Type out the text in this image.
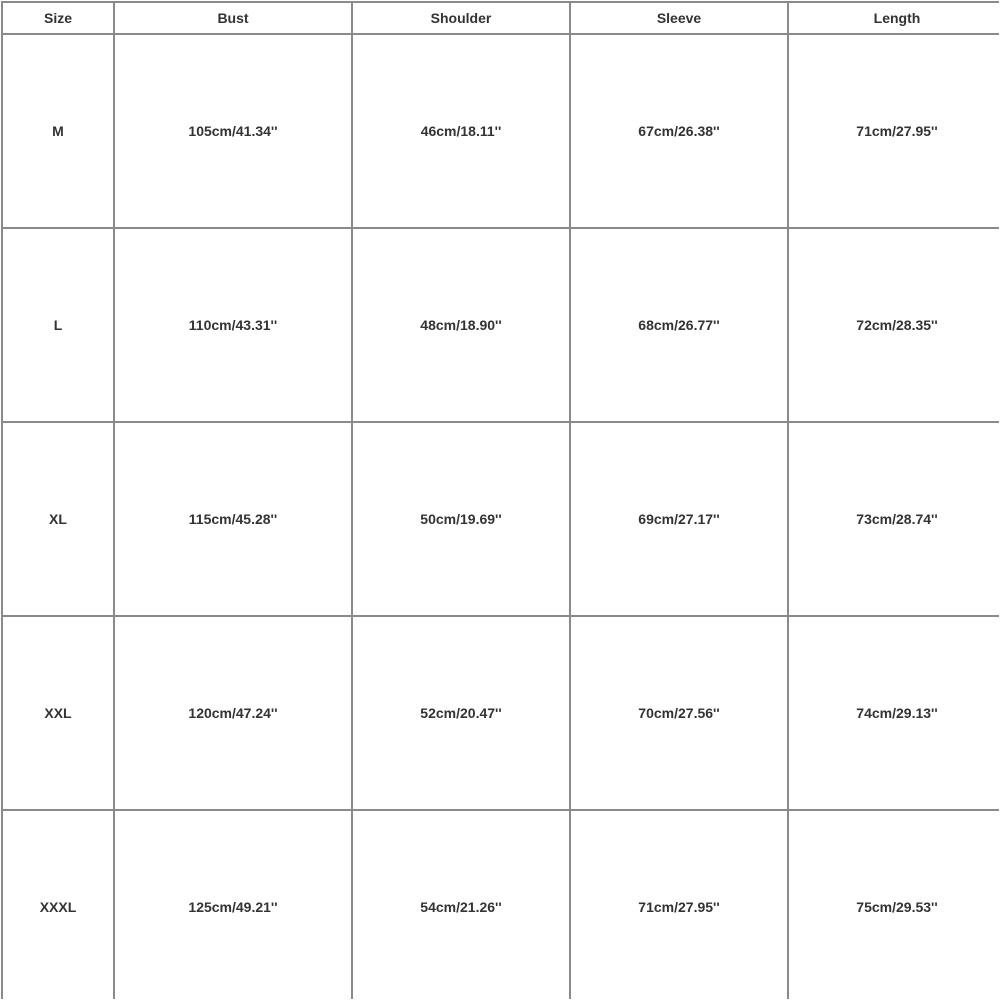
Size	Bust	Shoulder	Sleeve	Length
M	105cm/41.34''	46cm/18.11''	67cm/26.38''	71cm/27.95''
L	110cm/43.31''	48cm/18.90''	68cm/26.77''	72cm/28.35''
XL	115cm/45.28''	50cm/19.69''	69cm/27.17''	73cm/28.74''
XXL	120cm/47.24''	52cm/20.47''	70cm/27.56''	74cm/29.13''
XXXL	125cm/49.21''	54cm/21.26''	71cm/27.95''	75cm/29.53''
